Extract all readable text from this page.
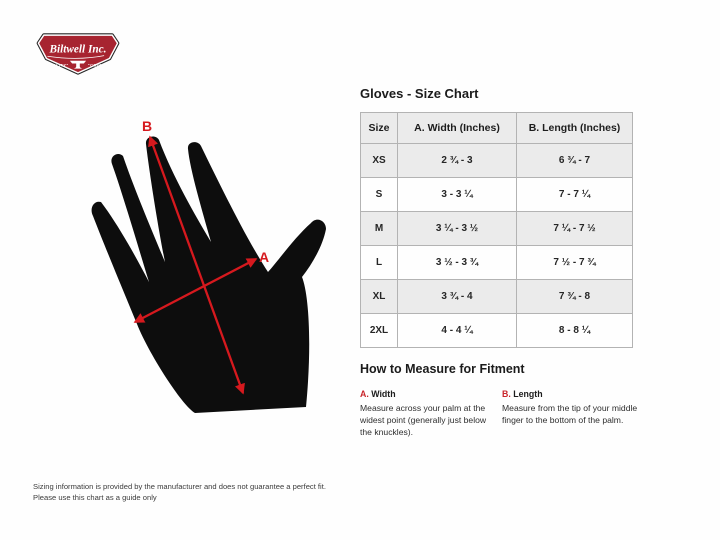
Biltwell Inc.
“QUALITY”	“COUNTS”
B
A
Gloves - Size Chart
Size	A. Width (Inches)	B. Length (Inches)
XS	2 ¾ - 3	6 ¾ - 7
S	3 - 3 ¼	7 - 7 ¼
M	3 ¼ - 3 ½	7 ¼ - 7 ½
L	3 ½ - 3 ¾	7 ½ - 7 ¾
XL	3 ¾ - 4	7 ¾ - 8
2XL	4 - 4 ¼	8 - 8 ¼
How to Measure for Fitment
A. Width
Measure across your palm at the widest point (generally just below the knuckles).
B. Length
Measure from the tip of your middle finger to the bottom of the palm.
Sizing information is provided by the manufacturer and does not guarantee a perfect fit.
Please use this chart as a guide only
